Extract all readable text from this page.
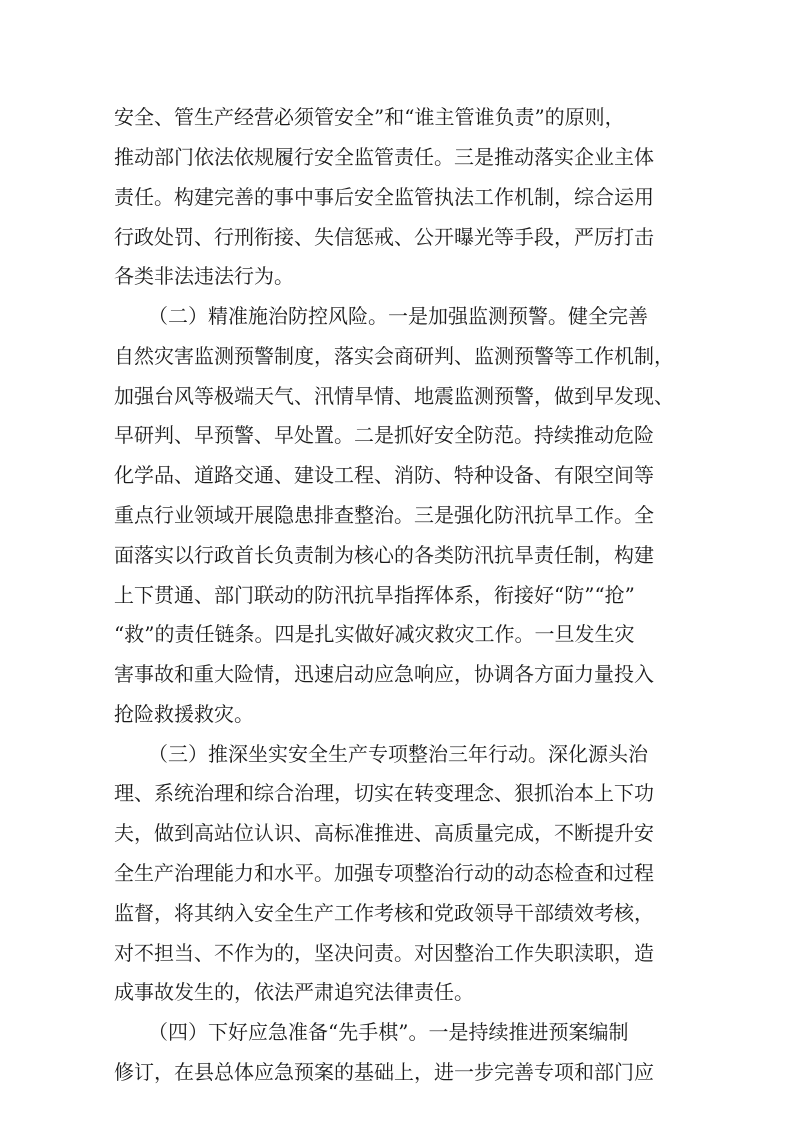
安全、管生产经营必须管安全”和“谁主管谁负责”的原则，
推动部门依法依规履行安全监管责任。三是推动落实企业主体
责任。构建完善的事中事后安全监管执法工作机制，综合运用
行政处罚、行刑衔接、失信惩戒、公开曝光等手段，严厉打击
各类非法违法行为。
（二）精准施治防控风险。一是加强监测预警。健全完善
自然灾害监测预警制度，落实会商研判、监测预警等工作机制，
加强台风等极端天气、汛情旱情、地震监测预警，做到早发现、
早研判、早预警、早处置。二是抓好安全防范。持续推动危险
化学品、道路交通、建设工程、消防、特种设备、有限空间等
重点行业领域开展隐患排查整治。三是强化防汛抗旱工作。全
面落实以行政首长负责制为核心的各类防汛抗旱责任制，构建
上下贯通、部门联动的防汛抗旱指挥体系，衔接好“防”“抢”
“救”的责任链条。四是扎实做好减灾救灾工作。一旦发生灾
害事故和重大险情，迅速启动应急响应，协调各方面力量投入
抢险救援救灾。
（三）推深坐实安全生产专项整治三年行动。深化源头治
理、系统治理和综合治理，切实在转变理念、狠抓治本上下功
夫，做到高站位认识、高标准推进、高质量完成，不断提升安
全生产治理能力和水平。加强专项整治行动的动态检查和过程
监督，将其纳入安全生产工作考核和党政领导干部绩效考核，
对不担当、不作为的，坚决问责。对因整治工作失职渎职，造
成事故发生的，依法严肃追究法律责任。
（四）下好应急准备“先手棋”。一是持续推进预案编制
修订，在县总体应急预案的基础上，进一步完善专项和部门应
